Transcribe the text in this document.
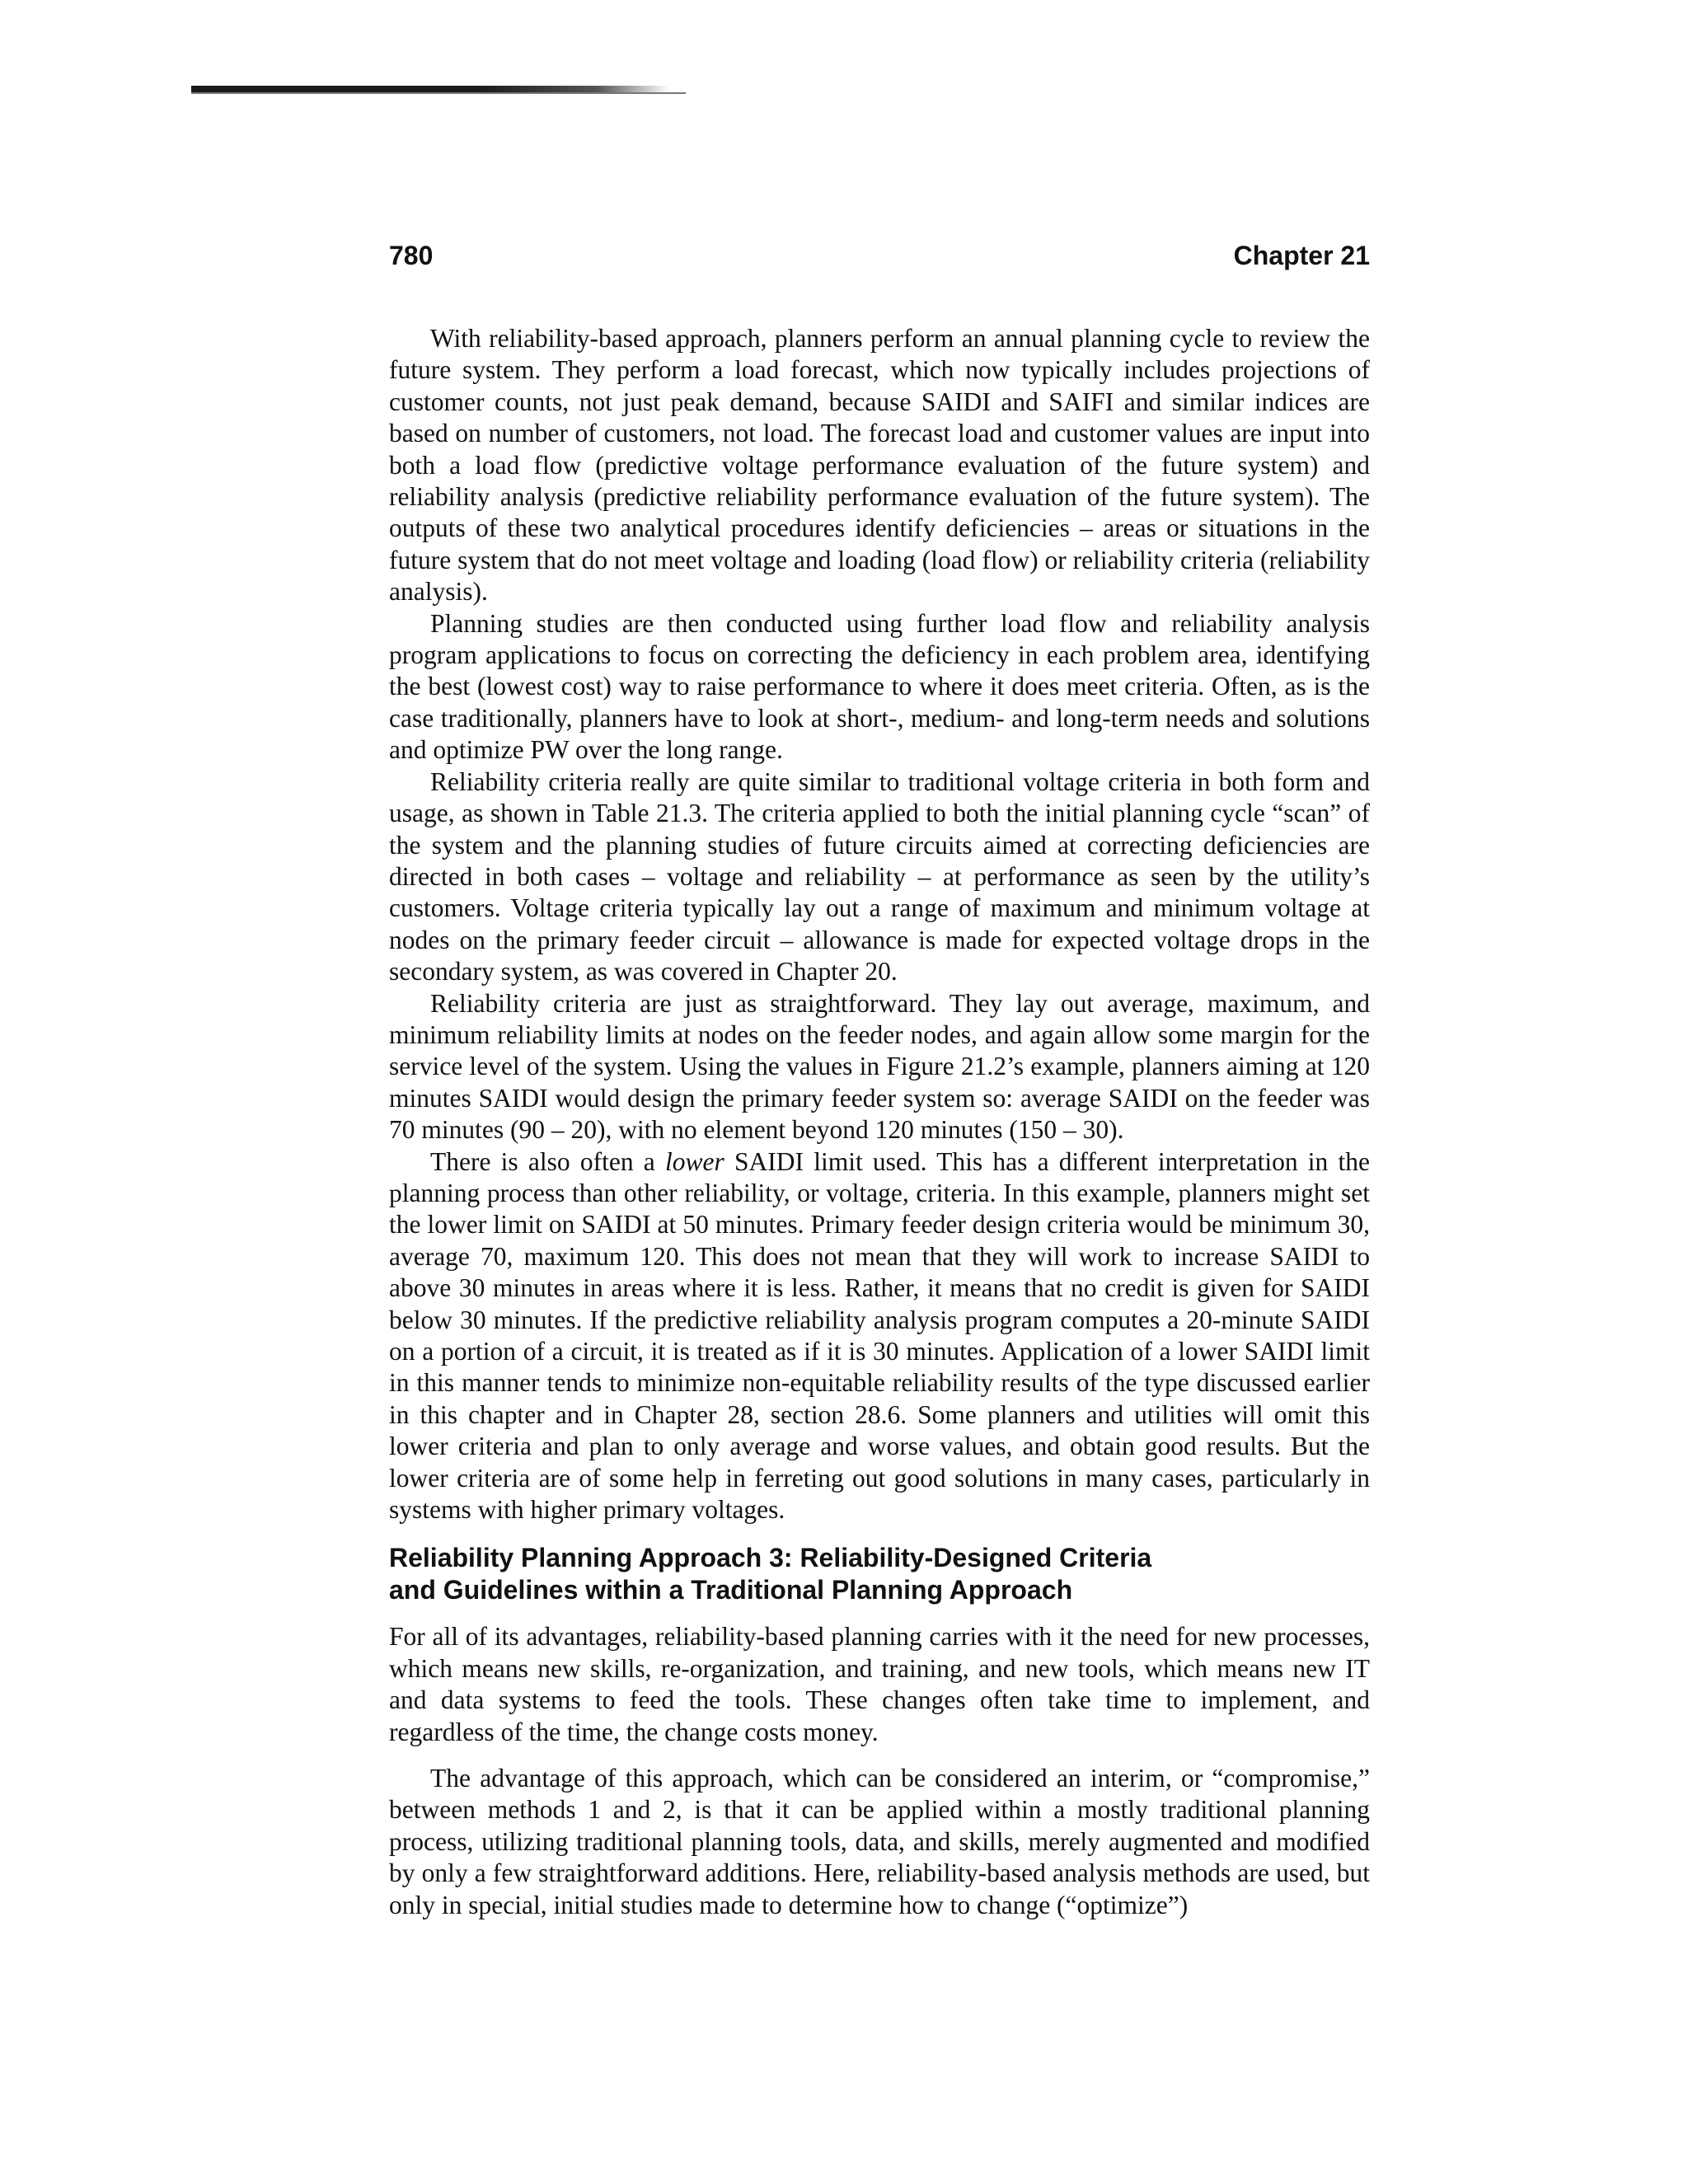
780	Chapter 21

With reliability-based approach, planners perform an annual planning cycle to review the future system. They perform a load forecast, which now typically includes projections of customer counts, not just peak demand, because SAIDI and SAIFI and similar indices are based on number of customers, not load. The forecast load and customer values are input into both a load flow (predictive voltage performance evaluation of the future system) and reliability analysis (predictive reliability performance evaluation of the future system). The outputs of these two analytical procedures identify deficiencies – areas or situations in the future system that do not meet voltage and loading (load flow) or reliability criteria (reliability analysis).

Planning studies are then conducted using further load flow and reliability analysis program applications to focus on correcting the deficiency in each problem area, identifying the best (lowest cost) way to raise performance to where it does meet criteria. Often, as is the case traditionally, planners have to look at short-, medium- and long-term needs and solutions and optimize PW over the long range.

Reliability criteria really are quite similar to traditional voltage criteria in both form and usage, as shown in Table 21.3. The criteria applied to both the initial planning cycle “scan” of the system and the planning studies of future circuits aimed at correcting deficiencies are directed in both cases – voltage and reliability – at performance as seen by the utility’s customers. Voltage criteria typically lay out a range of maximum and minimum voltage at nodes on the primary feeder circuit – allowance is made for expected voltage drops in the secondary system, as was covered in Chapter 20.

Reliability criteria are just as straightforward. They lay out average, maximum, and minimum reliability limits at nodes on the feeder nodes, and again allow some margin for the service level of the system. Using the values in Figure 21.2’s example, planners aiming at 120 minutes SAIDI would design the primary feeder system so: average SAIDI on the feeder was 70 minutes (90 – 20), with no element beyond 120 minutes (150 – 30).

There is also often a lower SAIDI limit used. This has a different interpretation in the planning process than other reliability, or voltage, criteria. In this example, planners might set the lower limit on SAIDI at 50 minutes. Primary feeder design criteria would be minimum 30, average 70, maximum 120. This does not mean that they will work to increase SAIDI to above 30 minutes in areas where it is less. Rather, it means that no credit is given for SAIDI below 30 minutes. If the predictive reliability analysis program computes a 20-minute SAIDI on a portion of a circuit, it is treated as if it is 30 minutes. Application of a lower SAIDI limit in this manner tends to minimize non-equitable reliability results of the type discussed earlier in this chapter and in Chapter 28, section 28.6. Some planners and utilities will omit this lower criteria and plan to only average and worse values, and obtain good results. But the lower criteria are of some help in ferreting out good solutions in many cases, particularly in systems with higher primary voltages.

Reliability Planning Approach 3: Reliability-Designed Criteria
and Guidelines within a Traditional Planning Approach

For all of its advantages, reliability-based planning carries with it the need for new processes, which means new skills, re-organization, and training, and new tools, which means new IT and data systems to feed the tools. These changes often take time to implement, and regardless of the time, the change costs money.

The advantage of this approach, which can be considered an interim, or “compromise,” between methods 1 and 2, is that it can be applied within a mostly traditional planning process, utilizing traditional planning tools, data, and skills, merely augmented and modified by only a few straightforward additions. Here, reliability-based analysis methods are used, but only in special, initial studies made to determine how to change (“optimize”)
